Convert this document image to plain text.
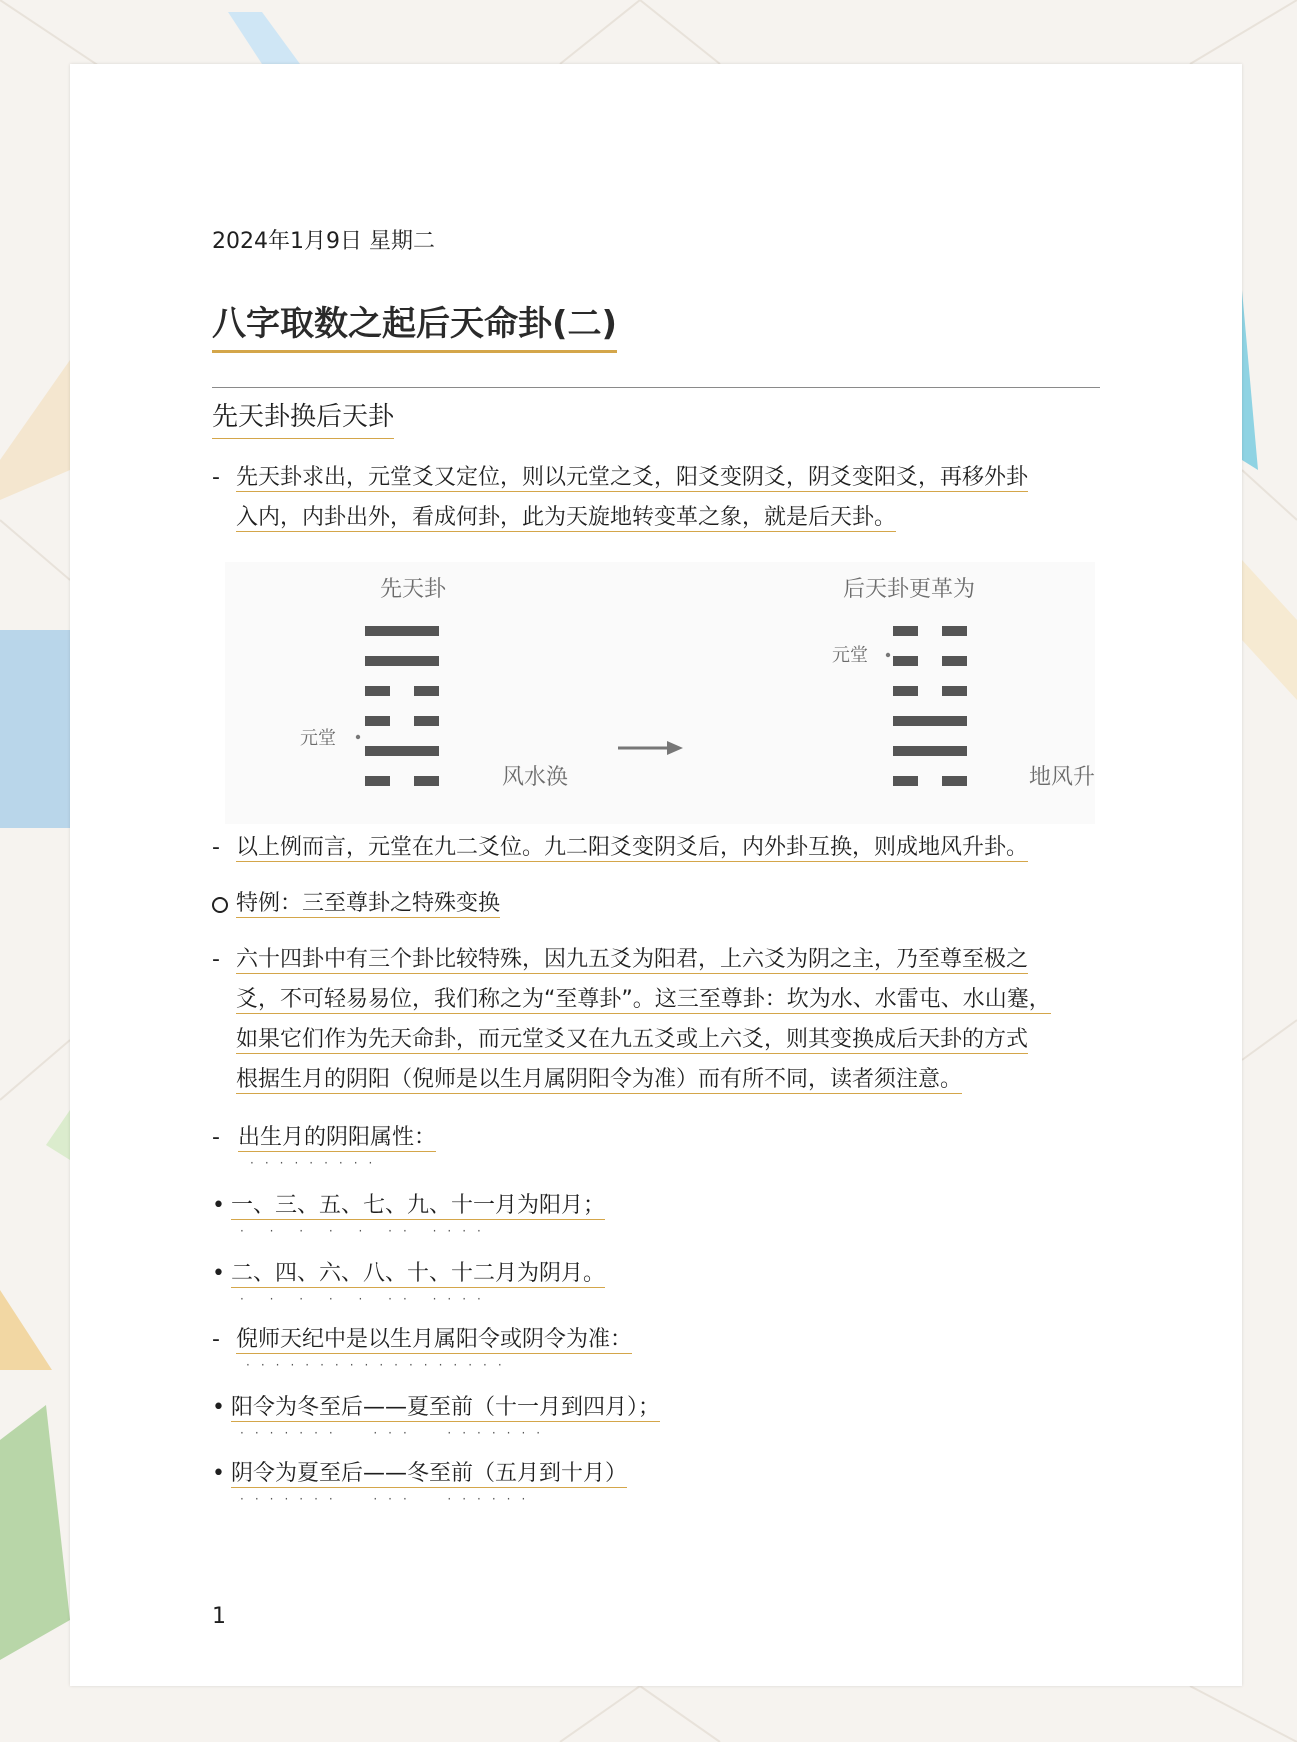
2024年1月9日 星期二
八字取数之起后天命卦(二)
先天卦换后天卦
- 先天卦求出，元堂爻又定位，则以元堂之爻，阳爻变阴爻，阴爻变阳爻，再移外卦
入内，内卦出外，看成何卦，此为天旋地转变革之象，就是后天卦。
先天卦	后天卦更革为
元堂
元堂
风水涣	地风升
- 以上例而言，元堂在九二爻位。九二阳爻变阴爻后，内外卦互换，则成地风升卦。
特例：三至尊卦之特殊变换
- 六十四卦中有三个卦比较特殊，因九五爻为阳君，上六爻为阴之主，乃至尊至极之
爻，不可轻易易位，我们称之为“至尊卦”。这三至尊卦：坎为水、水雷屯、水山蹇，
如果它们作为先天命卦，而元堂爻又在九五爻或上六爻，则其变换成后天卦的方式
根据生月的阴阳（倪师是以生月属阴阳令为准）而有所不同，读者须注意。
- 出生月的阴阳属性：
·········
• 一、三、五、七、九、十一月为阳月；
· · · · · ·· ····
• 二、四、六、八、十、十二月为阴月。
· · · · · ·· ····
- 倪师天纪中是以生月属阳令或阴令为准：
··················
• 阳令为冬至后——夏至前（十一月到四月）；
·······  ···  ·······
• 阴令为夏至后——冬至前（五月到十月）
·······  ···  ······
1
